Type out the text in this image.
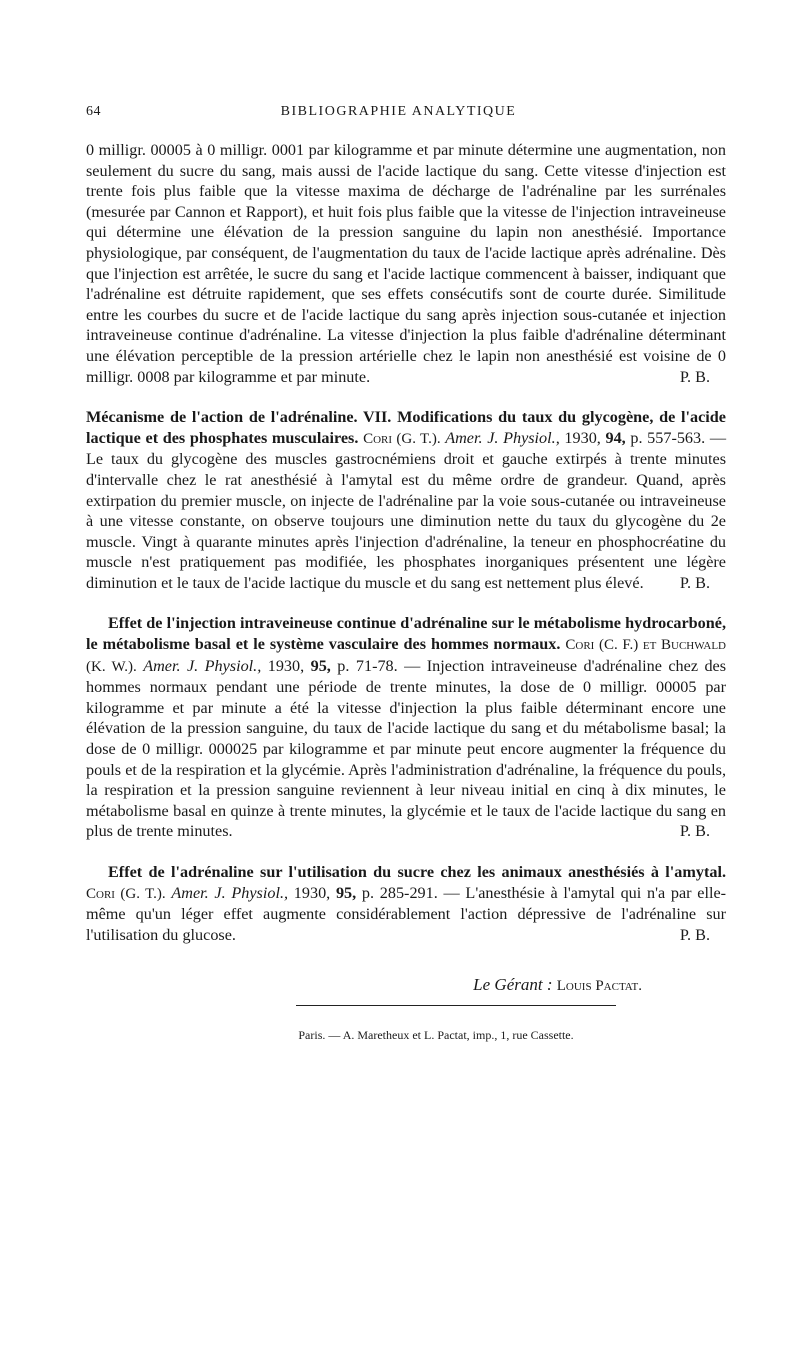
64	BIBLIOGRAPHIE ANALYTIQUE

0 milligr. 00005 à 0 milligr. 0001 par kilogramme et par minute détermine une augmentation, non seulement du sucre du sang, mais aussi de l'acide lactique du sang. Cette vitesse d'injection est trente fois plus faible que la vitesse maxima de décharge de l'adrénaline par les surrénales (mesurée par Cannon et Rapport), et huit fois plus faible que la vitesse de l'injection intraveineuse qui détermine une élévation de la pression sanguine du lapin non anesthésié. Importance physiologique, par conséquent, de l'augmentation du taux de l'acide lactique après adrénaline. Dès que l'injection est arrêtée, le sucre du sang et l'acide lactique commencent à baisser, indiquant que l'adrénaline est détruite rapidement, que ses effets consécutifs sont de courte durée. Similitude entre les courbes du sucre et de l'acide lactique du sang après injection sous-cutanée et injection intraveineuse continue d'adrénaline. La vitesse d'injection la plus faible d'adrénaline déterminant une élévation perceptible de la pression artérielle chez le lapin non anesthésié est voisine de 0 milligr. 0008 par kilogramme et par minute.	P. B.

Mécanisme de l'action de l'adrénaline. VII. Modifications du taux du glycogène, de l'acide lactique et des phosphates musculaires. Cori (G. T.). Amer. J. Physiol., 1930, 94, p. 557-563. — Le taux du glycogène des muscles gastrocnémiens droit et gauche extirpés à trente minutes d'intervalle chez le rat anesthésié à l'amytal est du même ordre de grandeur. Quand, après extirpation du premier muscle, on injecte de l'adrénaline par la voie sous-cutanée ou intraveineuse à une vitesse constante, on observe toujours une diminution nette du taux du glycogène du 2e muscle. Vingt à quarante minutes après l'injection d'adrénaline, la teneur en phosphocréatine du muscle n'est pratiquement pas modifiée, les phosphates inorganiques présentent une légère diminution et le taux de l'acide lactique du muscle et du sang est nettement plus élevé. P. B.

Effet de l'injection intraveineuse continue d'adrénaline sur le métabolisme hydrocarboné, le métabolisme basal et le système vasculaire des hommes normaux. Cori (C. F.) et Buchwald (K. W.). Amer. J. Physiol., 1930, 95, p. 71-78. — Injection intraveineuse d'adrénaline chez des hommes normaux pendant une période de trente minutes, la dose de 0 milligr. 00005 par kilogramme et par minute a été la vitesse d'injection la plus faible déterminant encore une élévation de la pression sanguine, du taux de l'acide lactique du sang et du métabolisme basal; la dose de 0 milligr. 000025 par kilogramme et par minute peut encore augmenter la fréquence du pouls et de la respiration et la glycémie. Après l'administration d'adrénaline, la fréquence du pouls, la respiration et la pression sanguine reviennent à leur niveau initial en cinq à dix minutes, le métabolisme basal en quinze à trente minutes, la glycémie et le taux de l'acide lactique du sang en plus de trente minutes.	P. B.

Effet de l'adrénaline sur l'utilisation du sucre chez les animaux anesthésiés à l'amytal. Cori (G. T.). Amer. J. Physiol., 1930, 95, p. 285-291. — L'anesthésie à l'amytal qui n'a par elle-même qu'un léger effet augmente considérablement l'action dépressive de l'adrénaline sur l'utilisation du glucose.	P. B.

Le Gérant : Louis Pactat.
Paris. — A. Maretheux et L. Pactat, imp., 1, rue Cassette.
